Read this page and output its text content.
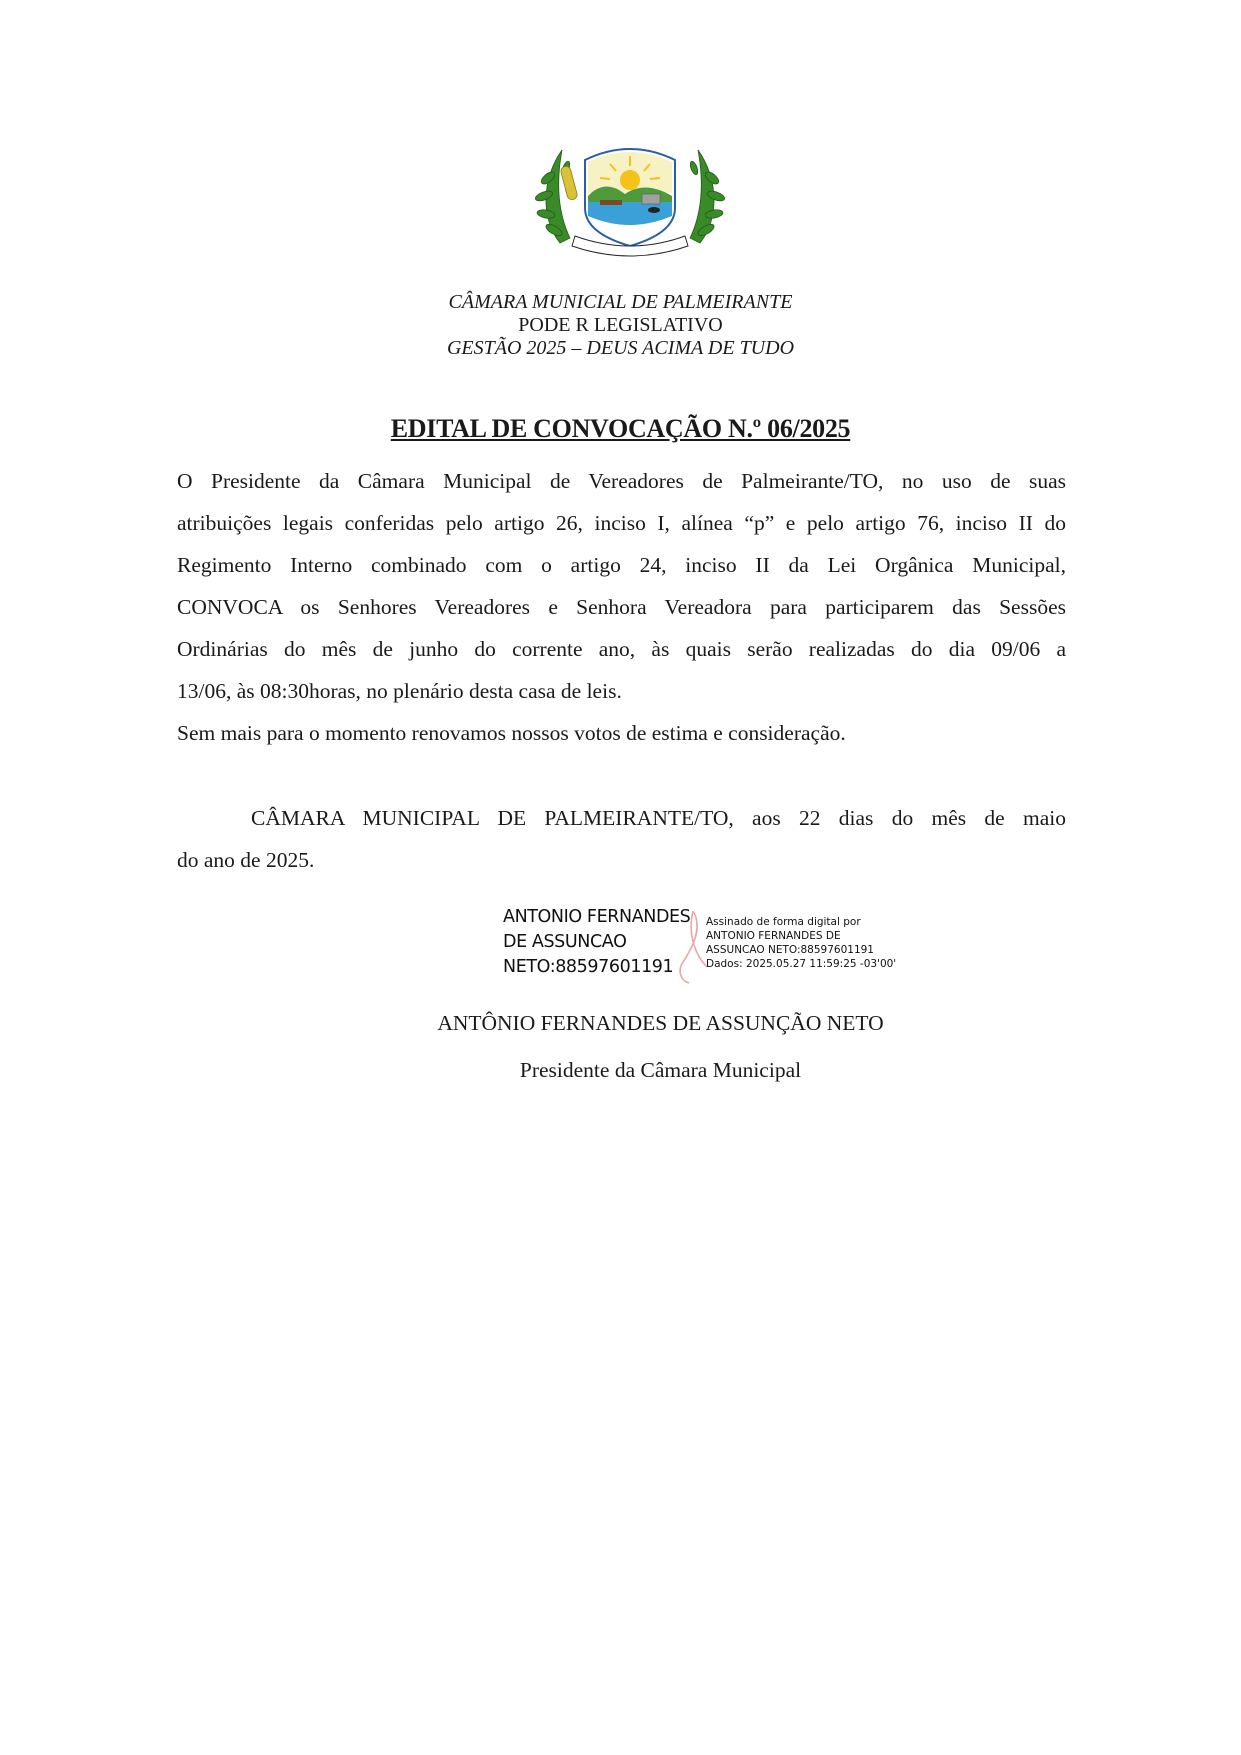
CÂMARA MUNICIAL DE PALMEIRANTE
PODE R LEGISLATIVO
GESTÃO 2025 – DEUS ACIMA DE TUDO
EDITAL DE CONVOCAÇÃO N.º 06/2025
O Presidente da Câmara Municipal de Vereadores de Palmeirante/TO, no uso de suas
atribuições legais conferidas pelo artigo 26, inciso I, alínea “p” e pelo artigo 76, inciso II do
Regimento Interno combinado com o artigo 24, inciso II da Lei Orgânica Municipal,
CONVOCA os Senhores Vereadores e Senhora Vereadora para participarem das Sessões
Ordinárias do mês de junho do corrente ano, às quais serão realizadas do dia 09/06 a
13/06, às 08:30horas, no plenário desta casa de leis.
Sem mais para o momento renovamos nossos votos de estima e consideração.
CÂMARA MUNICIPAL DE PALMEIRANTE/TO, aos 22 dias do mês de maio
do ano de 2025.
ANTONIO FERNANDES
DE ASSUNCAO
NETO:88597601191
Assinado de forma digital por
ANTONIO FERNANDES DE
ASSUNCAO NETO:88597601191
Dados: 2025.05.27 11:59:25 -03'00'
ANTÔNIO FERNANDES DE ASSUNÇÃO NETO
Presidente da Câmara Municipal
